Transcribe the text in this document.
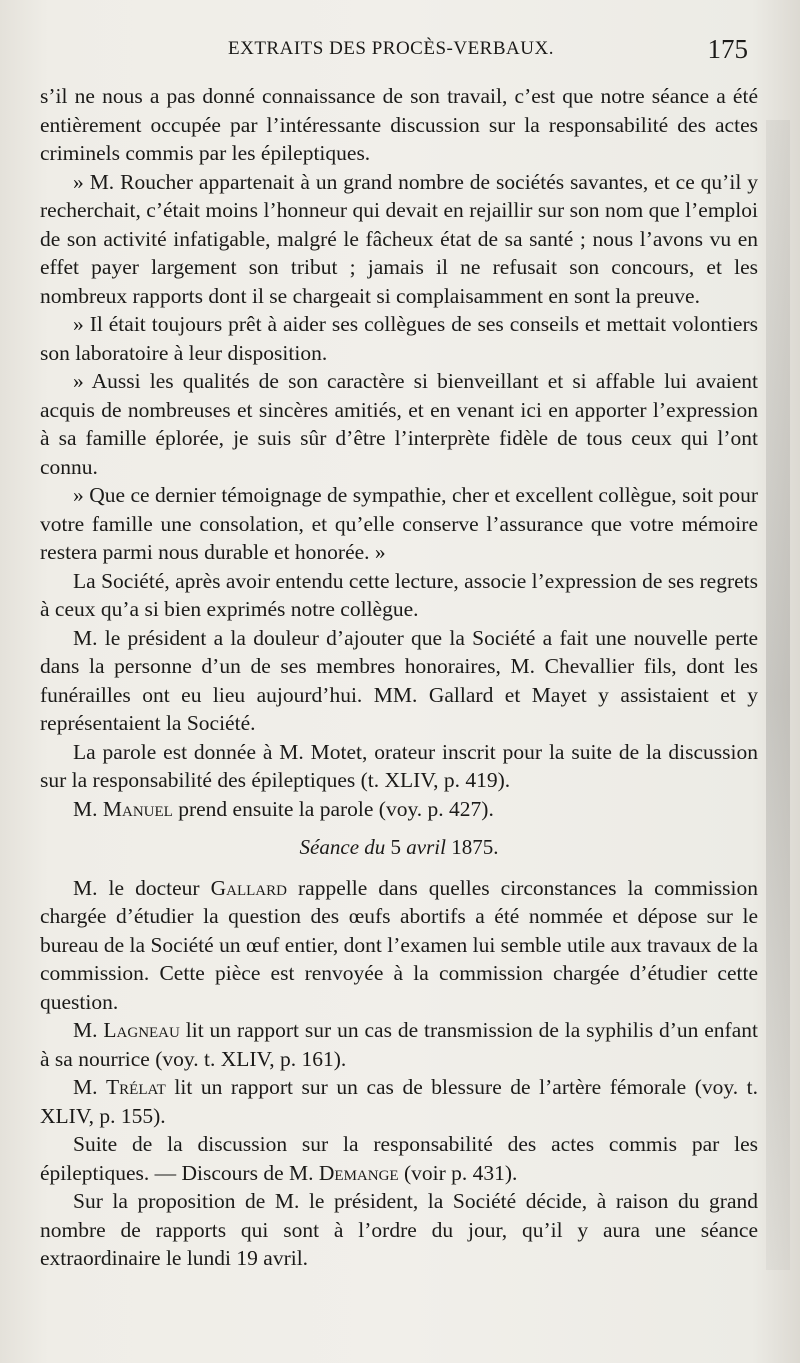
EXTRAITS DES PROCÈS-VERBAUX.	175

s’il ne nous a pas donné connaissance de son travail, c’est que notre séance a été entièrement occupée par l’intéressante discussion sur la responsabilité des actes criminels commis par les épileptiques.

» M. Roucher appartenait à un grand nombre de sociétés savantes, et ce qu’il y recherchait, c’était moins l’honneur qui devait en rejaillir sur son nom que l’emploi de son activité infatigable, malgré le fâcheux état de sa santé ; nous l’avons vu en effet payer largement son tribut ; jamais il ne refusait son concours, et les nombreux rapports dont il se chargeait si complaisamment en sont la preuve.

» Il était toujours prêt à aider ses collègues de ses conseils et mettait volontiers son laboratoire à leur disposition.

» Aussi les qualités de son caractère si bienveillant et si affable lui avaient acquis de nombreuses et sincères amitiés, et en venant ici en apporter l’expression à sa famille éplorée, je suis sûr d’être l’interprète fidèle de tous ceux qui l’ont connu.

» Que ce dernier témoignage de sympathie, cher et excellent collègue, soit pour votre famille une consolation, et qu’elle conserve l’assurance que votre mémoire restera parmi nous durable et honorée. »

La Société, après avoir entendu cette lecture, associe l’expression de ses regrets à ceux qu’a si bien exprimés notre collègue.

M. le président a la douleur d’ajouter que la Société a fait une nouvelle perte dans la personne d’un de ses membres honoraires, M. Chevallier fils, dont les funérailles ont eu lieu aujourd’hui. MM. Gallard et Mayet y assistaient et y représentaient la Société.

La parole est donnée à M. Motet, orateur inscrit pour la suite de la discussion sur la responsabilité des épileptiques (t. XLIV, p. 419).

M. Manuel prend ensuite la parole (voy. p. 427).

Séance du 5 avril 1875.

M. le docteur Gallard rappelle dans quelles circonstances la commission chargée d’étudier la question des œufs abortifs a été nommée et dépose sur le bureau de la Société un œuf entier, dont l’examen lui semble utile aux travaux de la commission. Cette pièce est renvoyée à la commission chargée d’étudier cette question.

M. Lagneau lit un rapport sur un cas de transmission de la syphilis d’un enfant à sa nourrice (voy. t. XLIV, p. 161).

M. Trélat lit un rapport sur un cas de blessure de l’artère fémorale (voy. t. XLIV, p. 155).

Suite de la discussion sur la responsabilité des actes commis par les épileptiques. — Discours de M. Demange (voir p. 431).

Sur la proposition de M. le président, la Société décide, à raison du grand nombre de rapports qui sont à l’ordre du jour, qu’il y aura une séance extraordinaire le lundi 19 avril.
